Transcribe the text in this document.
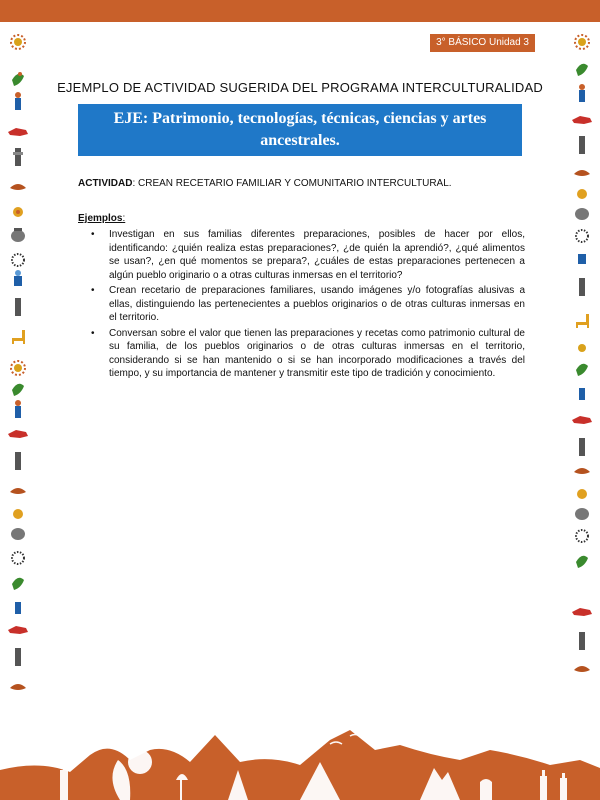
3° BÁSICO Unidad 3
EJEMPLO DE ACTIVIDAD SUGERIDA DEL PROGRAMA INTERCULTURALIDAD
EJE: Patrimonio, tecnologías, técnicas, ciencias y artes ancestrales.
ACTIVIDAD: CREAN RECETARIO FAMILIAR Y COMUNITARIO INTERCULTURAL.
Ejemplos:
• Investigan en sus familias diferentes preparaciones, posibles de hacer por ellos, identificando: ¿quién realiza estas preparaciones?, ¿de quién la aprendió?, ¿qué alimentos se usan?, ¿en qué momentos se prepara?, ¿cuáles de estas preparaciones pertenecen a algún pueblo originario o a otras culturas inmersas en el territorio?
• Crean recetario de preparaciones familiares, usando imágenes y/o fotografías alusivas a ellas, distinguiendo las pertenecientes a pueblos originarios o de otras culturas inmersas en el territorio.
• Conversan sobre el valor que tienen las preparaciones y recetas como patrimonio cultural de su familia, de los pueblos originarios o de otras culturas inmersas en el territorio, considerando si se han mantenido o si se han incorporado modificaciones a través del tiempo, y su importancia de mantener y transmitir este tipo de tradición y conocimiento.
